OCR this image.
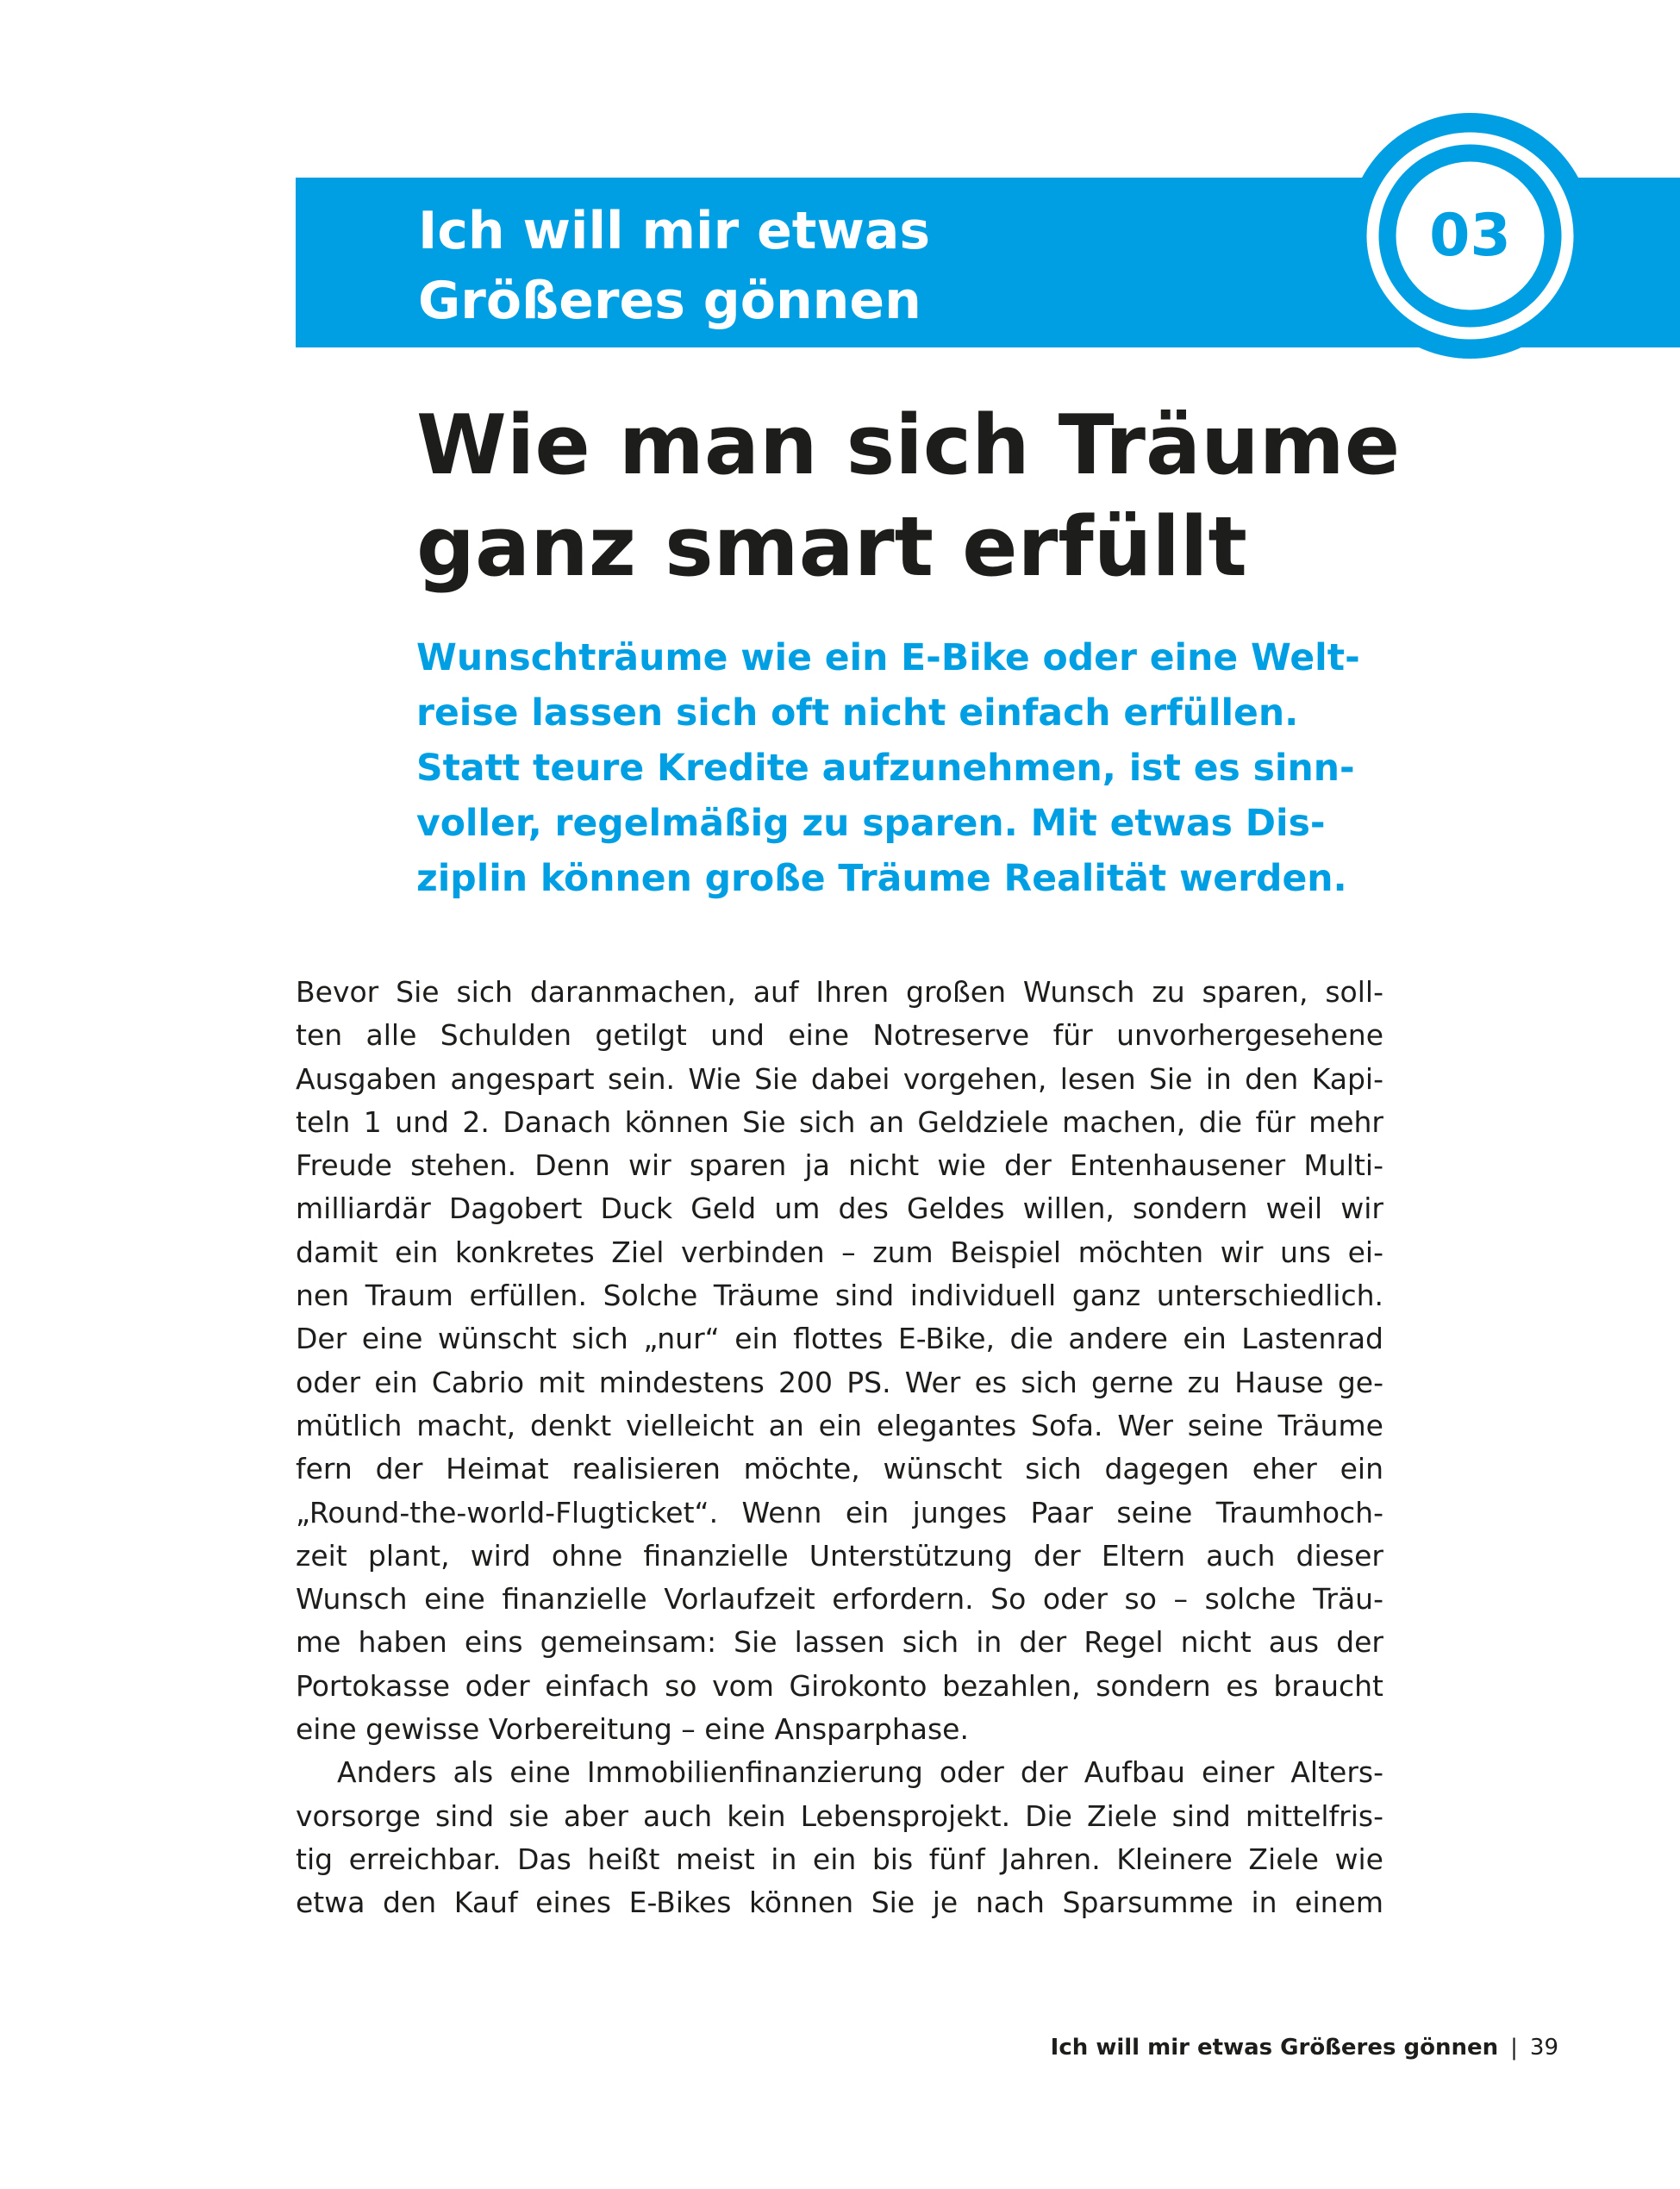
Ich will mir etwas
Größeres gönnen
03
Wie man sich Träume
ganz smart erfüllt

Wunschträume wie ein E-Bike oder eine Welt-
reise lassen sich oft nicht einfach erfüllen.
Statt teure Kredite aufzunehmen, ist es sinn-
voller, regelmäßig zu sparen. Mit etwas Dis-
ziplin können große Träume Realität werden.

Bevor Sie sich daranmachen, auf Ihren großen Wunsch zu sparen, soll-
ten alle Schulden getilgt und eine Notreserve für unvorhergesehene
Ausgaben angespart sein. Wie Sie dabei vorgehen, lesen Sie in den Kapi-
teln 1 und 2. Danach können Sie sich an Geldziele machen, die für mehr
Freude stehen. Denn wir sparen ja nicht wie der Entenhausener Multi-
milliardär Dagobert Duck Geld um des Geldes willen, sondern weil wir
damit ein konkretes Ziel verbinden – zum Beispiel möchten wir uns ei-
nen Traum erfüllen. Solche Träume sind individuell ganz unterschiedlich.
Der eine wünscht sich „nur“ ein flottes E-Bike, die andere ein Lastenrad
oder ein Cabrio mit mindestens 200 PS. Wer es sich gerne zu Hause ge-
mütlich macht, denkt vielleicht an ein elegantes Sofa. Wer seine Träume
fern der Heimat realisieren möchte, wünscht sich dagegen eher ein
„Round-the-world-Flugticket“. Wenn ein junges Paar seine Traumhoch-
zeit plant, wird ohne finanzielle Unterstützung der Eltern auch dieser
Wunsch eine finanzielle Vorlaufzeit erfordern. So oder so – solche Träu-
me haben eins gemeinsam: Sie lassen sich in der Regel nicht aus der
Portokasse oder einfach so vom Girokonto bezahlen, sondern es braucht
eine gewisse Vorbereitung – eine Ansparphase.
Anders als eine Immobilienfinanzierung oder der Aufbau einer Alters-
vorsorge sind sie aber auch kein Lebensprojekt. Die Ziele sind mittelfris-
tig erreichbar. Das heißt meist in ein bis fünf Jahren. Kleinere Ziele wie
etwa den Kauf eines E-Bikes können Sie je nach Sparsumme in einem
Ich will mir etwas Größeres gönnen | 39
